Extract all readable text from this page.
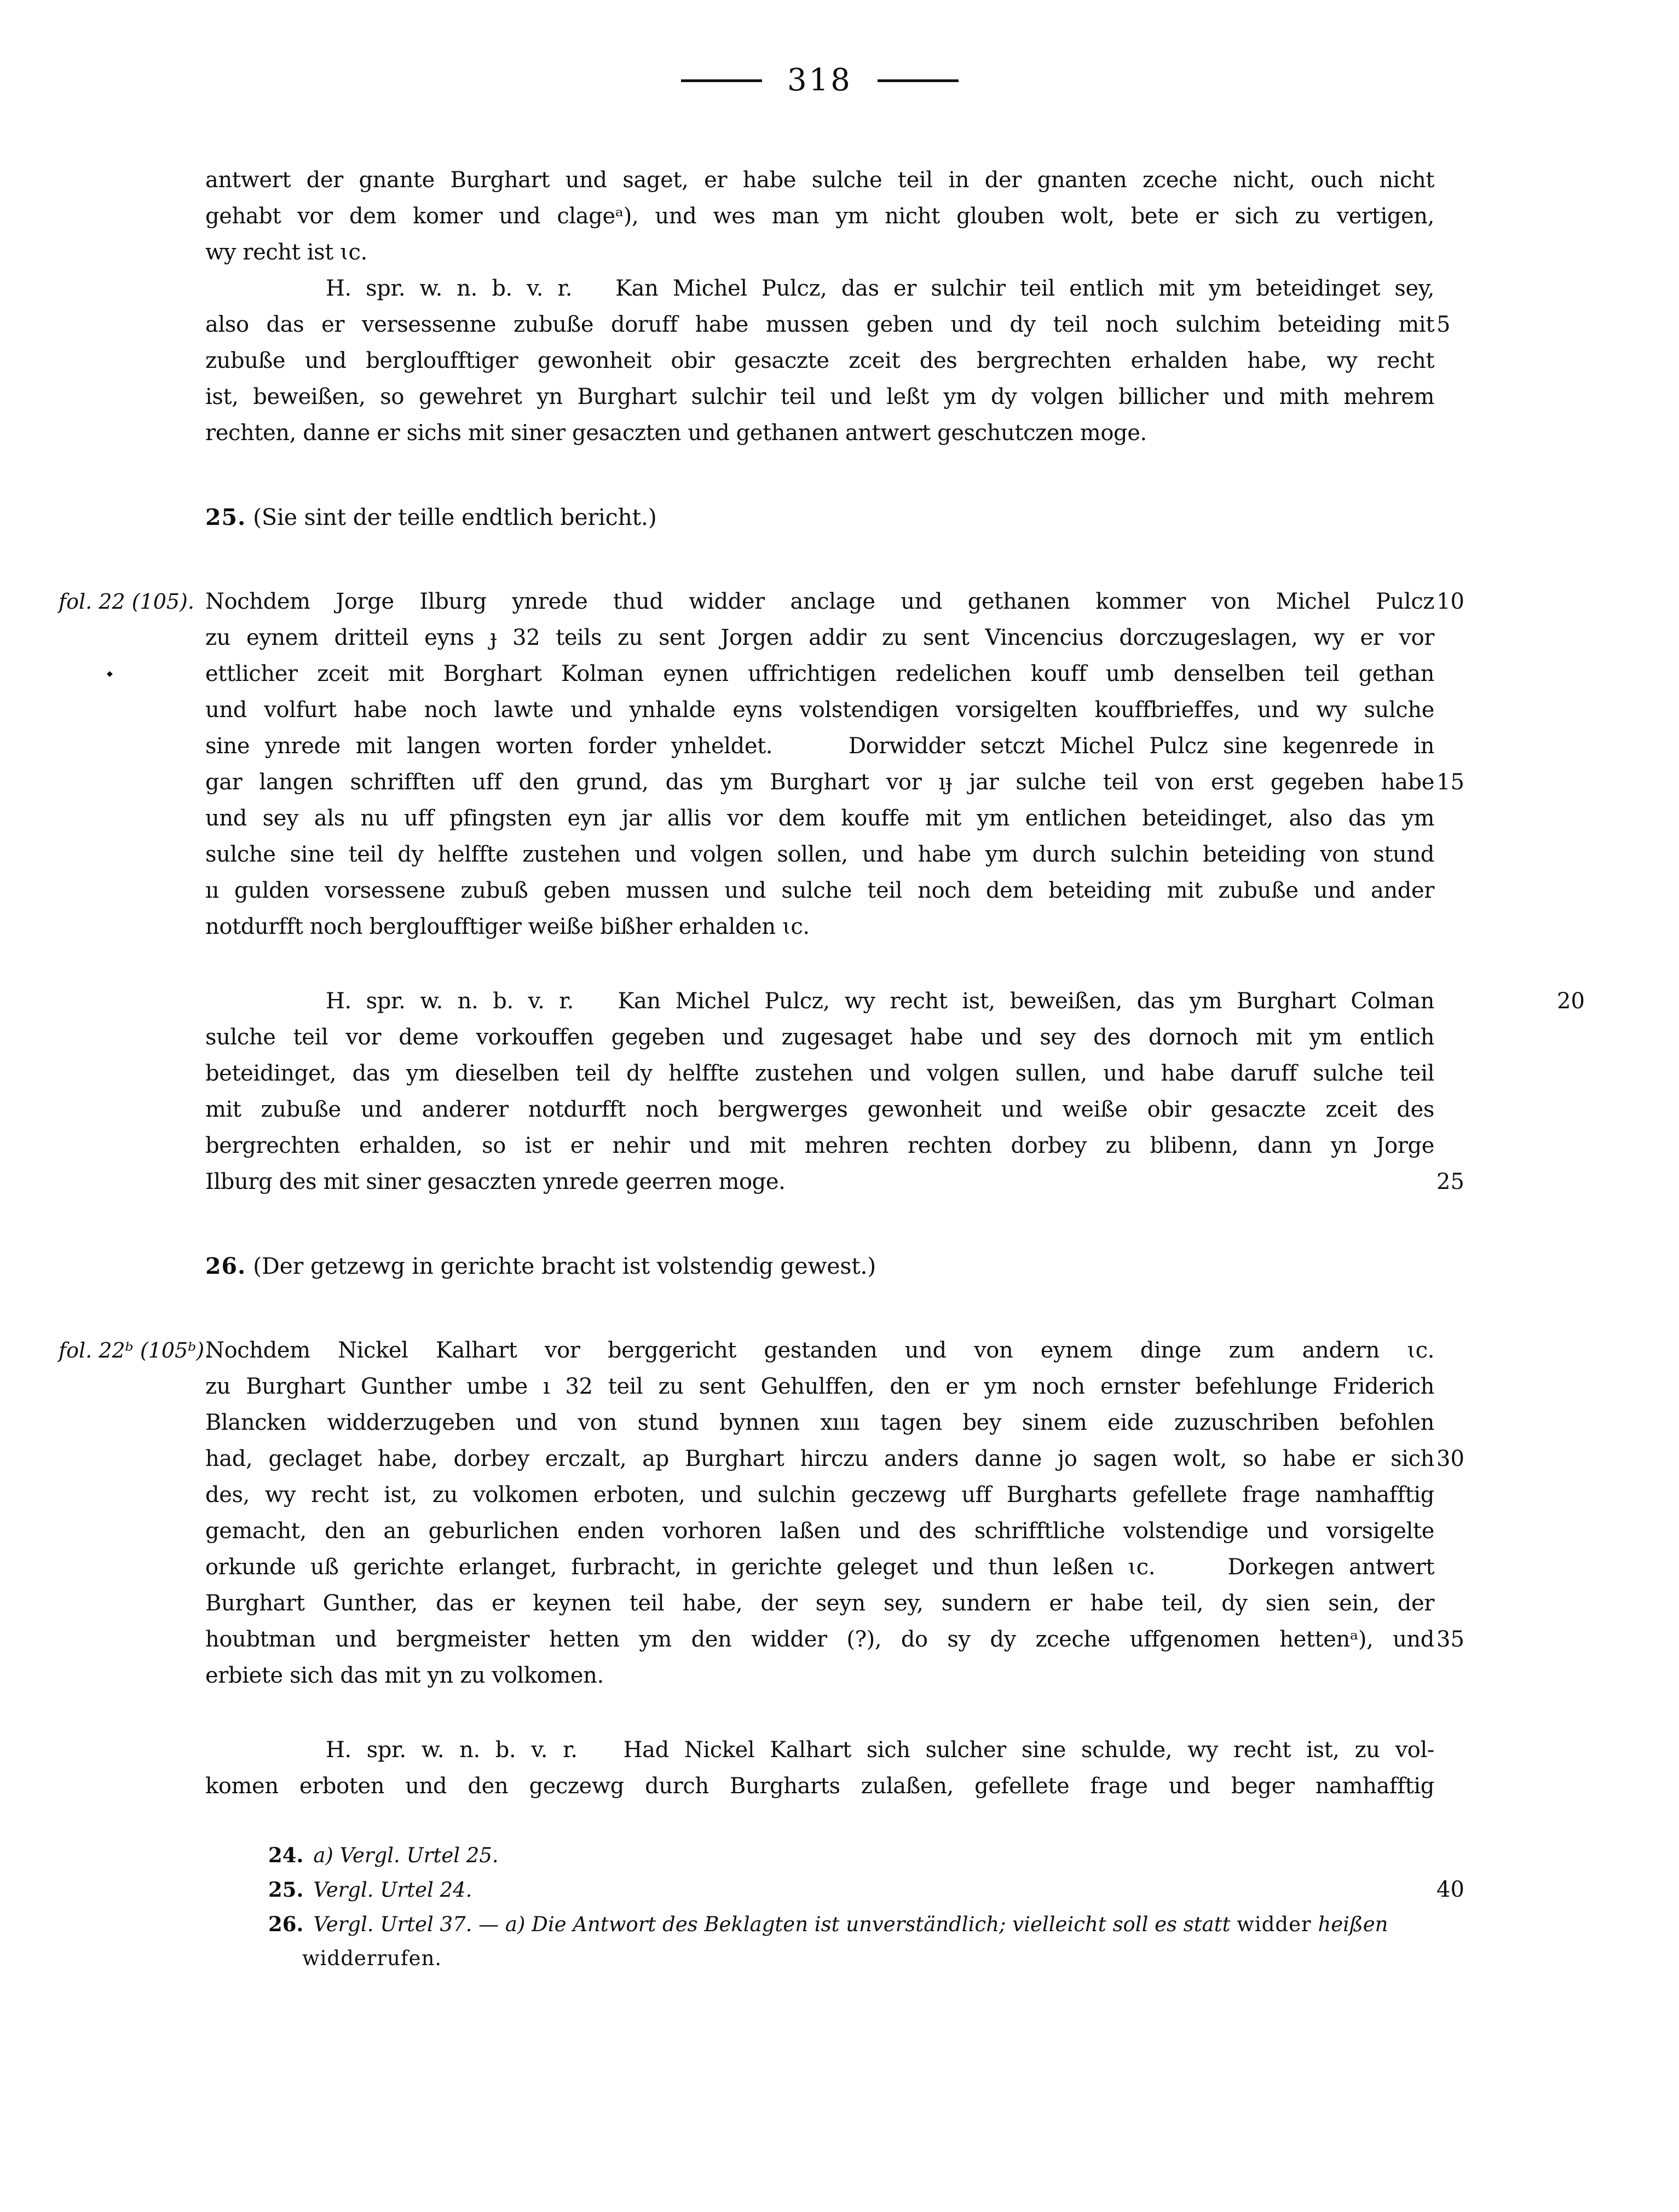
318
antwert der gnante Burghart und saget, er habe sulche teil in der gnanten zceche nicht, ouch nicht
gehabt vor dem komer und clageᵃ), und wes man ym nicht glouben wolt, bete er sich zu vertigen,
wy recht ist ɩc.
H. spr. w. n. b. v. r.   Kan Michel Pulcz, das er sulchir teil entlich mit ym beteidinget sey,
also das er versessenne zubuße doruff habe mussen geben und dy teil noch sulchim beteiding mit 5
zubuße und bergloufftiger gewonheit obir gesaczte zceit des bergrechten erhalden habe, wy recht
ist, beweißen, so gewehret yn Burghart sulchir teil und leßt ym dy volgen billicher und mith mehrem
rechten, danne er sichs mit siner gesaczten und gethanen antwert geschutczen moge.
25. (Sie sint der teille endtlich bericht.)
fol. 22 (105).
◆
Nochdem Jorge Ilburg ynrede thud widder anclage und gethanen kommer von Michel Pulcz 10
zu eynem dritteil eyns ɟ 32 teils zu sent Jorgen addir zu sent Vincencius dorczugeslagen, wy er vor
ettlicher zceit mit Borghart Kolman eynen uffrichtigen redelichen kouff umb denselben teil gethan
und volfurt habe noch lawte und ynhalde eyns volstendigen vorsigelten kouffbrieffes, und wy sulche
sine ynrede mit langen worten forder ynheldet.     Dorwidder setczt Michel Pulcz sine kegenrede in
gar langen schrifften uff den grund, das ym Burghart vor ıɟ jar sulche teil von erst gegeben habe 15
und sey als nu uff pfingsten eyn jar allis vor dem kouffe mit ym entlichen beteidinget, also das ym
sulche sine teil dy helffte zustehen und volgen sollen, und habe ym durch sulchin beteiding von stund
ıı gulden vorsessene zubuß geben mussen und sulche teil noch dem beteiding mit zubuße und ander
notdurfft noch bergloufftiger weiße bißher erhalden ɩc.
H. spr. w. n. b. v. r.   Kan Michel Pulcz, wy recht ist, beweißen, das ym Burghart Colman	20
sulche teil vor deme vorkouffen gegeben und zugesaget habe und sey des dornoch mit ym entlich
beteidinget, das ym dieselben teil dy helffte zustehen und volgen sullen, und habe daruff sulche teil
mit zubuße und anderer notdurfft noch bergwerges gewonheit und weiße obir gesaczte zceit des
bergrechten erhalden, so ist er nehir und mit mehren rechten dorbey zu blibenn, dann yn Jorge
Ilburg des mit siner gesaczten ynrede geerren moge.	25
26. (Der getzewg in gerichte bracht ist volstendig gewest.)
fol. 22ᵇ (105ᵇ).
Nochdem Nickel Kalhart vor berggericht gestanden und von eynem dinge zum andern ɩc.
zu Burghart Gunther umbe ı 32 teil zu sent Gehulffen, den er ym noch ernster befehlunge Friderich
Blancken widderzugeben und von stund bynnen xıııı tagen bey sinem eide zuzuschriben befohlen
had, geclaget habe, dorbey erczalt, ap Burghart hirczu anders danne jo sagen wolt, so habe er sich 30
des, wy recht ist, zu volkomen erboten, und sulchin geczewg uff Burgharts gefellete frage namhafftig
gemacht, den an geburlichen enden vorhoren laßen und des schrifftliche volstendige und vorsigelte
orkunde uß gerichte erlanget, furbracht, in gerichte geleget und thun leßen ɩc.     Dorkegen antwert
Burghart Gunther, das er keynen teil habe, der seyn sey, sundern er habe teil, dy sien sein, der
houbtman und bergmeister hetten ym den widder (?), do sy dy zceche uffgenomen hettenᵃ), und 35
erbiete sich das mit yn zu volkomen.
H. spr. w. n. b. v. r.   Had Nickel Kalhart sich sulcher sine schulde, wy recht ist, zu vol-
komen erboten und den geczewg durch Burgharts zulaßen, gefellete frage und beger namhafftig
24. a) Vergl. Urtel 25.
25. Vergl. Urtel 24.	40
26. Vergl. Urtel 37. — a) Die Antwort des Beklagten ist unverständlich; vielleicht soll es statt widder heißen
widderrufen.
